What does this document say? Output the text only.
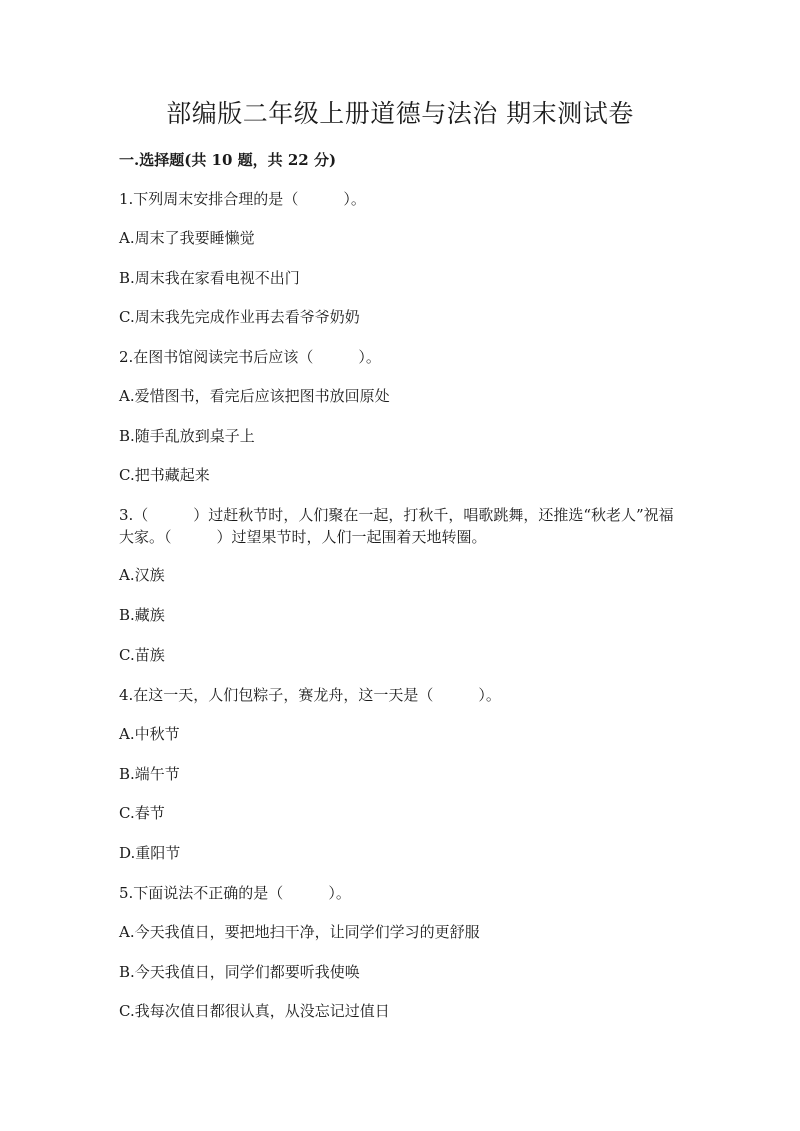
部编版二年级上册道德与法治 期末测试卷
一.选择题(共 10 题，共 22 分)
1.下列周末安排合理的是（　　　）。
A.周末了我要睡懒觉
B.周末我在家看电视不出门
C.周末我先完成作业再去看爷爷奶奶
2.在图书馆阅读完书后应该（　　　）。
A.爱惜图书，看完后应该把图书放回原处
B.随手乱放到桌子上
C.把书藏起来
3.（　　　）过赶秋节时，人们聚在一起，打秋千，唱歌跳舞，还推选“秋老人”祝福大家。（　　　）过望果节时，人们一起围着天地转圈。
A.汉族
B.藏族
C.苗族
4.在这一天，人们包粽子，赛龙舟，这一天是（　　　）。
A.中秋节
B.端午节
C.春节
D.重阳节
5.下面说法不正确的是（　　　）。
A.今天我值日，要把地扫干净，让同学们学习的更舒服
B.今天我值日，同学们都要听我使唤
C.我每次值日都很认真，从没忘记过值日
